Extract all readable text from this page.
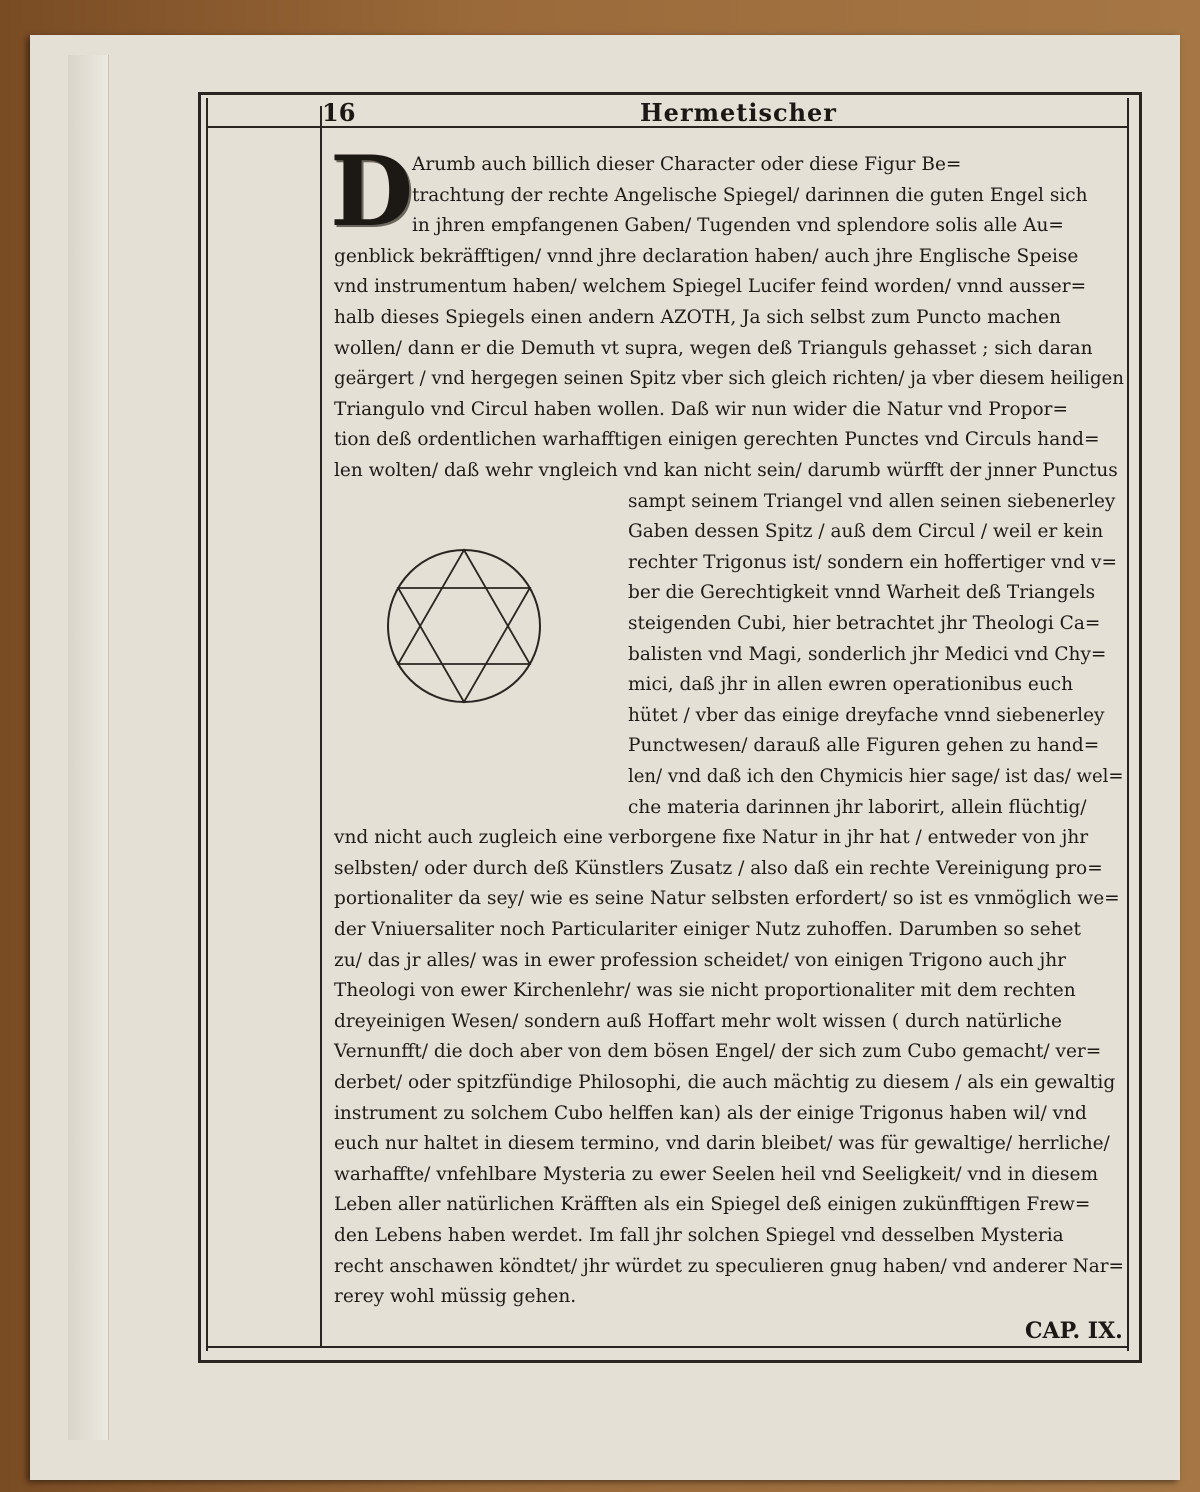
16	Hermetischer
D
Arumb auch billich dieser Character oder diese Figur Be=
trachtung der rechte Angelische Spiegel/ darinnen die guten Engel sich
in jhren empfangenen Gaben/ Tugenden vnd splendore solis alle Au=
genblick bekräfftigen/ vnnd jhre declaration haben/ auch jhre Englische Speise
vnd instrumentum haben/ welchem Spiegel Lucifer feind worden/ vnnd ausser=
halb dieses Spiegels einen andern AZOTH, Ja sich selbst zum Puncto machen
wollen/ dann er die Demuth vt supra, wegen deß Trianguls gehasset ; sich daran
geärgert / vnd hergegen seinen Spitz vber sich gleich richten/ ja vber diesem heiligen
Triangulo vnd Circul haben wollen. Daß wir nun wider die Natur vnd Propor=
tion deß ordentlichen warhafftigen einigen gerechten Punctes vnd Circuls hand=
len wolten/ daß wehr vngleich vnd kan nicht sein/ darumb würfft der jnner Punctus
sampt seinem Triangel vnd allen seinen siebenerley
Gaben dessen Spitz / auß dem Circul / weil er kein
rechter Trigonus ist/ sondern ein hoffertiger vnd v=
ber die Gerechtigkeit vnnd Warheit deß Triangels
steigenden Cubi, hier betrachtet jhr Theologi Ca=
balisten vnd Magi, sonderlich jhr Medici vnd Chy=
mici, daß jhr in allen ewren operationibus euch
hütet / vber das einige dreyfache vnnd siebenerley
Punctwesen/ darauß alle Figuren gehen zu hand=
len/ vnd daß ich den Chymicis hier sage/ ist das/ wel=
che materia darinnen jhr laborirt, allein flüchtig/
vnd nicht auch zugleich eine verborgene fixe Natur in jhr hat / entweder von jhr
selbsten/ oder durch deß Künstlers Zusatz / also daß ein rechte Vereinigung pro=
portionaliter da sey/ wie es seine Natur selbsten erfordert/ so ist es vnmöglich we=
der Vniuersaliter noch Particulariter einiger Nutz zuhoffen. Darumben so sehet
zu/ das jr alles/ was in ewer profession scheidet/ von einigen Trigono auch jhr
Theologi von ewer Kirchenlehr/ was sie nicht proportionaliter mit dem rechten
dreyeinigen Wesen/ sondern auß Hoffart mehr wolt wissen ( durch natürliche
Vernunfft/ die doch aber von dem bösen Engel/ der sich zum Cubo gemacht/ ver=
derbet/ oder spitzfündige Philosophi, die auch mächtig zu diesem / als ein gewaltig
instrument zu solchem Cubo helffen kan) als der einige Trigonus haben wil/ vnd
euch nur haltet in diesem termino, vnd darin bleibet/ was für gewaltige/ herrliche/
warhaffte/ vnfehlbare Mysteria zu ewer Seelen heil vnd Seeligkeit/ vnd in diesem
Leben aller natürlichen Kräfften als ein Spiegel deß einigen zukünfftigen Frew=
den Lebens haben werdet. Im fall jhr solchen Spiegel vnd desselben Mysteria
recht anschawen köndtet/ jhr würdet zu speculieren gnug haben/ vnd anderer Nar=
rerey wohl müssig gehen.
CAP. IX.
